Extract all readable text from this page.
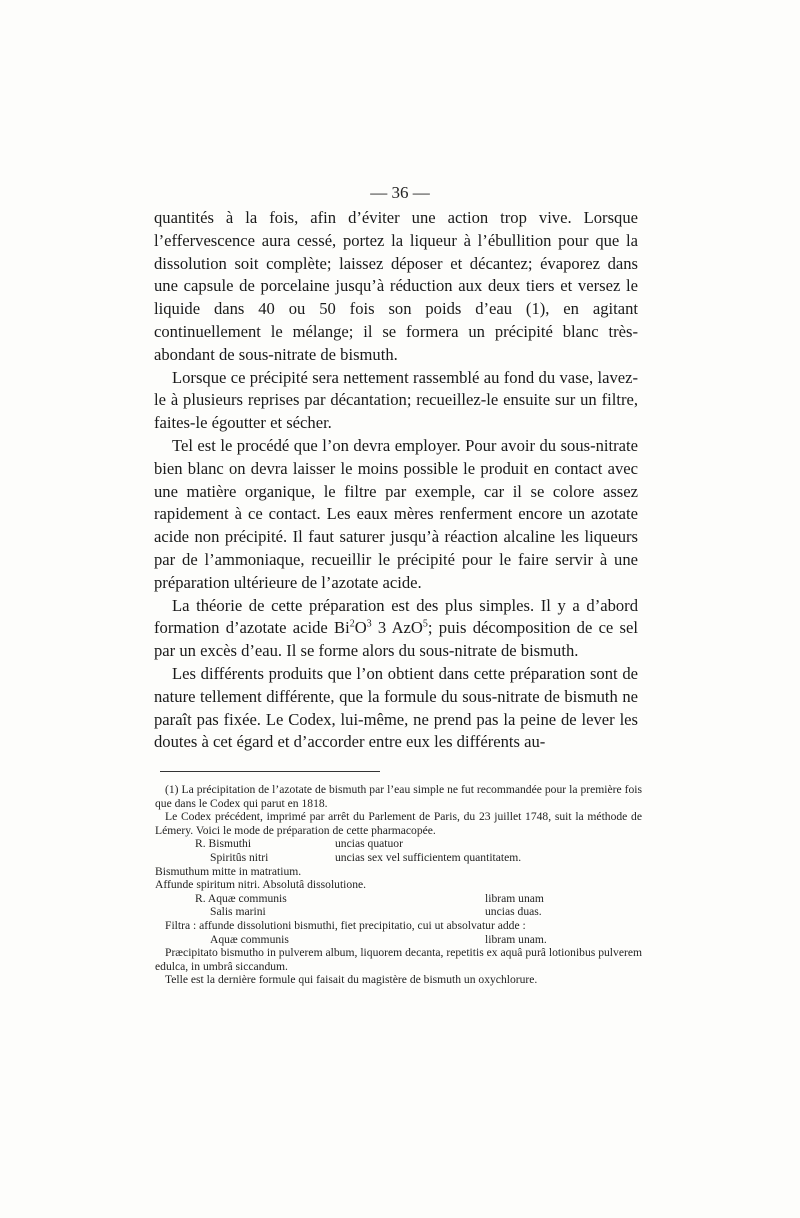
— 36 —

quantités à la fois, afin d’éviter une action trop vive. Lorsque l’effervescence aura cessé, portez la liqueur à l’ébullition pour que la dissolution soit complète; laissez déposer et décantez; évaporez dans une capsule de porcelaine jusqu’à réduction aux deux tiers et versez le liquide dans 40 ou 50 fois son poids d’eau (1), en agitant continuellement le mélange; il se formera un précipité blanc très-abondant de sous-nitrate de bismuth.

Lorsque ce précipité sera nettement rassemblé au fond du vase, lavez-le à plusieurs reprises par décantation; recueillez-le ensuite sur un filtre, faites-le égoutter et sécher.

Tel est le procédé que l’on devra employer. Pour avoir du sous-nitrate bien blanc on devra laisser le moins possible le produit en contact avec une matière organique, le filtre par exemple, car il se colore assez rapidement à ce contact. Les eaux mères renferment encore un azotate acide non précipité. Il faut saturer jusqu’à réaction alcaline les liqueurs par de l’ammoniaque, recueillir le précipité pour le faire servir à une préparation ultérieure de l’azotate acide.

La théorie de cette préparation est des plus simples. Il y a d’abord formation d’azotate acide $Bi^2O^3$ 3 AzO$^5$; puis décomposition de ce sel par un excès d’eau. Il se forme alors du sous-nitrate de bismuth.

Les différents produits que l’on obtient dans cette préparation sont de nature tellement différente, que la formule du sous-nitrate de bismuth ne paraît pas fixée. Le Codex, lui-même, ne prend pas la peine de lever les doutes à cet égard et d’accorder entre eux les différents au-

(1) La précipitation de l’azotate de bismuth par l’eau simple ne fut recommandée pour la première fois que dans le Codex qui parut en 1818.

Le Codex précédent, imprimé par arrêt du Parlement de Paris, du 23 juillet 1748, suit la méthode de Lémery. Voici le mode de préparation de cette pharmacopée.

R. Bismuthi	uncias quatuor
Spiritûs nitri	uncias sex vel sufficientem quantitatem.

Bismuthum mitte in matratium.

Affunde spiritum nitri. Absolutâ dissolutione.

R. Aquæ communis	libram unam
Salis marini	uncias duas.

Filtra : affunde dissolutioni bismuthi, fiet precipitatio, cui ut absolvatur adde :

Aquæ communis	libram unam.

Præcipitato bismutho in pulverem album, liquorem decanta, repetitis ex aquâ purâ lotionibus pulverem edulca, in umbrâ siccandum.

Telle est la dernière formule qui faisait du magistère de bismuth un oxychlorure.
